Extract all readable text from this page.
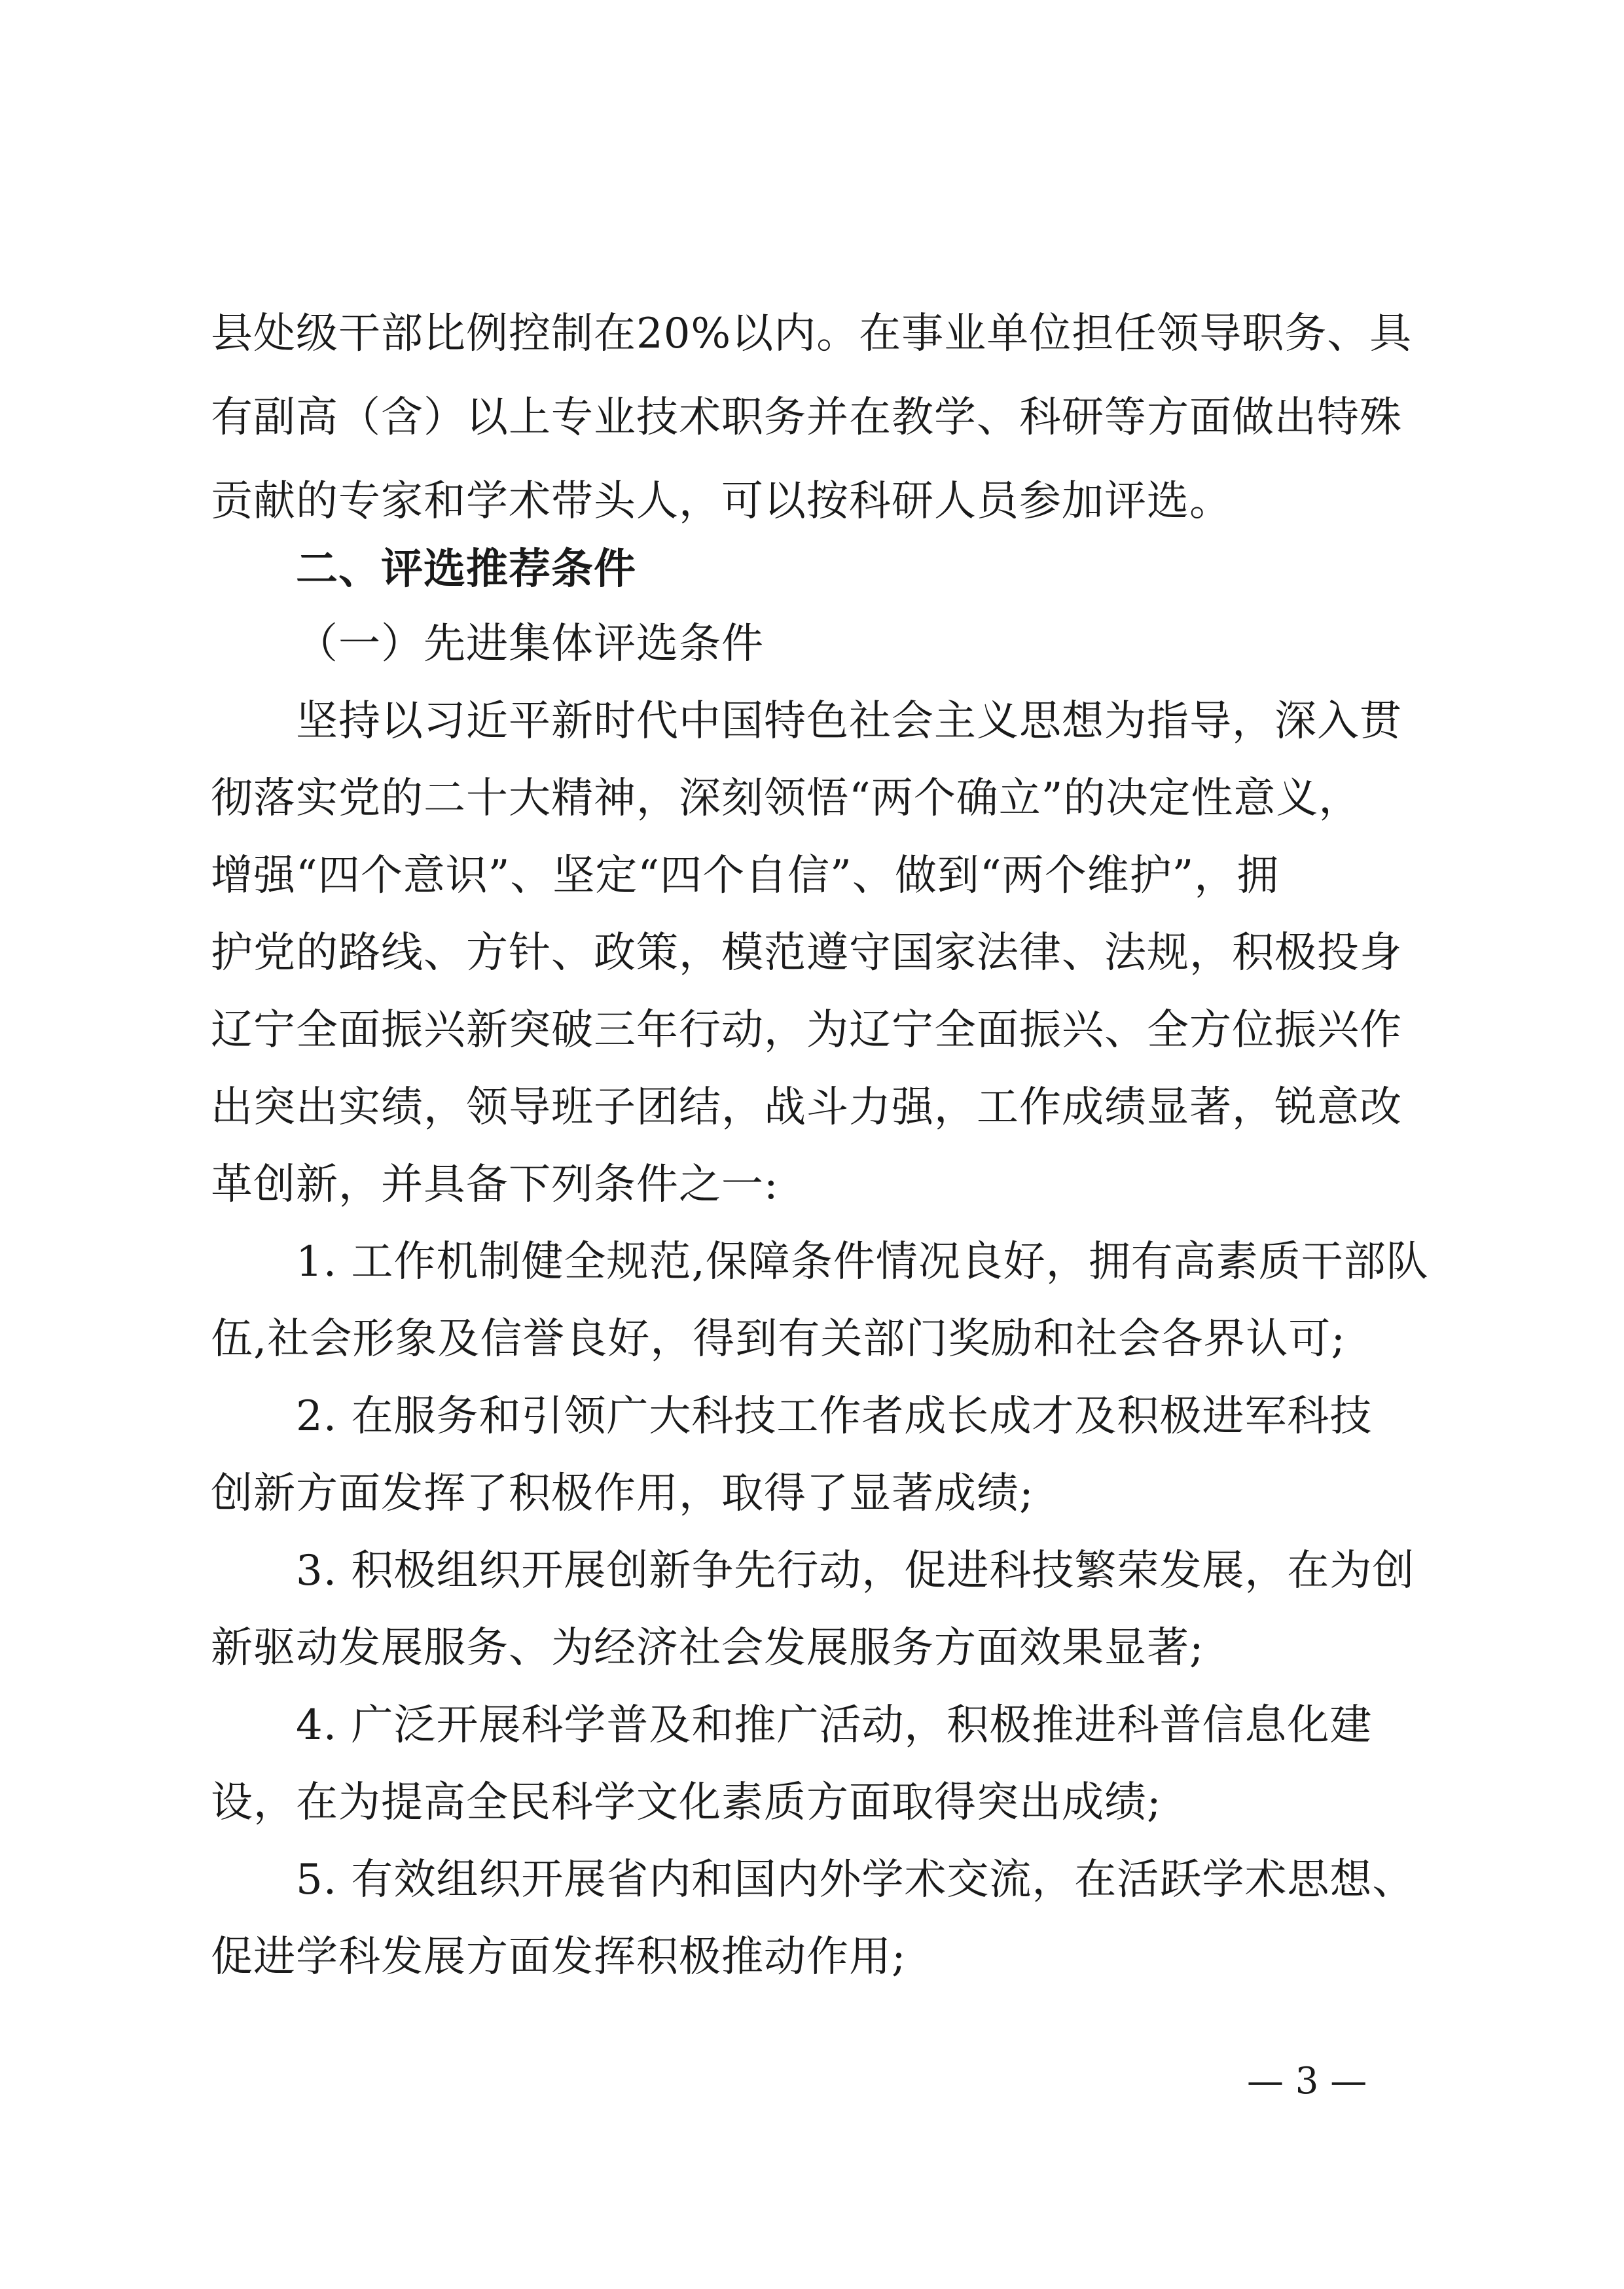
县处级干部比例控制在20%以内。在事业单位担任领导职务、具
有副高（含）以上专业技术职务并在教学、科研等方面做出特殊
贡献的专家和学术带头人，可以按科研人员参加评选。
二、评选推荐条件
（一）先进集体评选条件
坚持以习近平新时代中国特色社会主义思想为指导，深入贯
彻落实党的二十大精神，深刻领悟“两个确立”的决定性意义，
增强“四个意识”、坚定“四个自信”、做到“两个维护”，拥
护党的路线、方针、政策，模范遵守国家法律、法规，积极投身
辽宁全面振兴新突破三年行动，为辽宁全面振兴、全方位振兴作
出突出实绩，领导班子团结，战斗力强，工作成绩显著，锐意改
革创新，并具备下列条件之一:
1. 工作机制健全规范,保障条件情况良好，拥有高素质干部队
伍,社会形象及信誉良好，得到有关部门奖励和社会各界认可;
2. 在服务和引领广大科技工作者成长成才及积极进军科技
创新方面发挥了积极作用，取得了显著成绩;
3. 积极组织开展创新争先行动，促进科技繁荣发展，在为创
新驱动发展服务、为经济社会发展服务方面效果显著;
4. 广泛开展科学普及和推广活动，积极推进科普信息化建
设，在为提高全民科学文化素质方面取得突出成绩;
5. 有效组织开展省内和国内外学术交流，在活跃学术思想、
促进学科发展方面发挥积极推动作用;
— 3 —
